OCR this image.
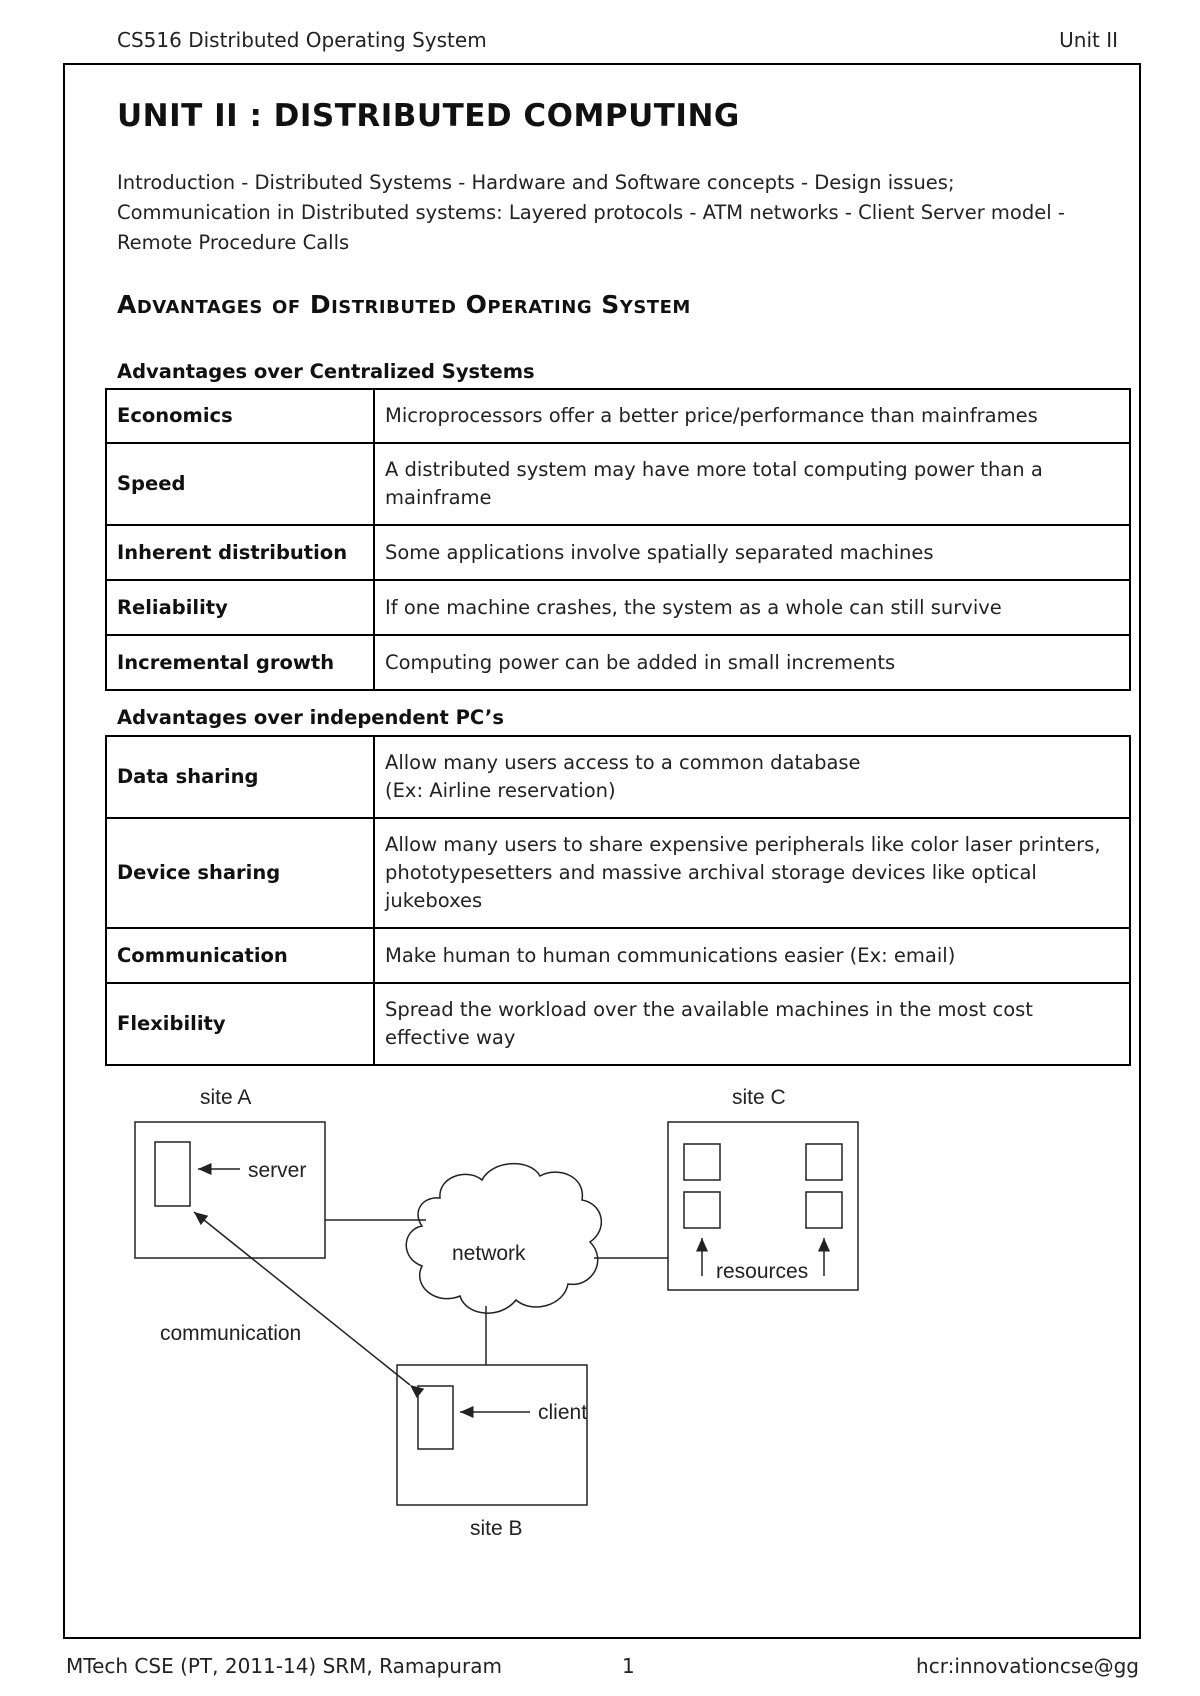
CS516 Distributed Operating System	Unit II
UNIT II : DISTRIBUTED COMPUTING
Introduction - Distributed Systems - Hardware and Software concepts - Design issues;
Communication in Distributed systems: Layered protocols - ATM networks - Client Server model -
Remote Procedure Calls
Advantages of Distributed Operating System
Advantages over Centralized Systems
Economics	Microprocessors offer a better price/performance than mainframes
Speed	A distributed system may have more total computing power than a mainframe
Inherent distribution	Some applications involve spatially separated machines
Reliability	If one machine crashes, the system as a whole can still survive
Incremental growth	Computing power can be added in small increments
Advantages over independent PC’s
Data sharing	Allow many users access to a common database
(Ex: Airline reservation)

Device sharing	Allow many users to share expensive peripherals like color laser printers, phototypesetters and massive archival storage devices like optical jukeboxes
Communication	Make human to human communications easier (Ex: email)
Flexibility	Spread the workload over the available machines in the most cost effective way
site A
server
site C
resources
network
client
site B
communication
MTech CSE (PT, 2011-14) SRM, Ramapuram	1	hcr:innovationcse@gg
